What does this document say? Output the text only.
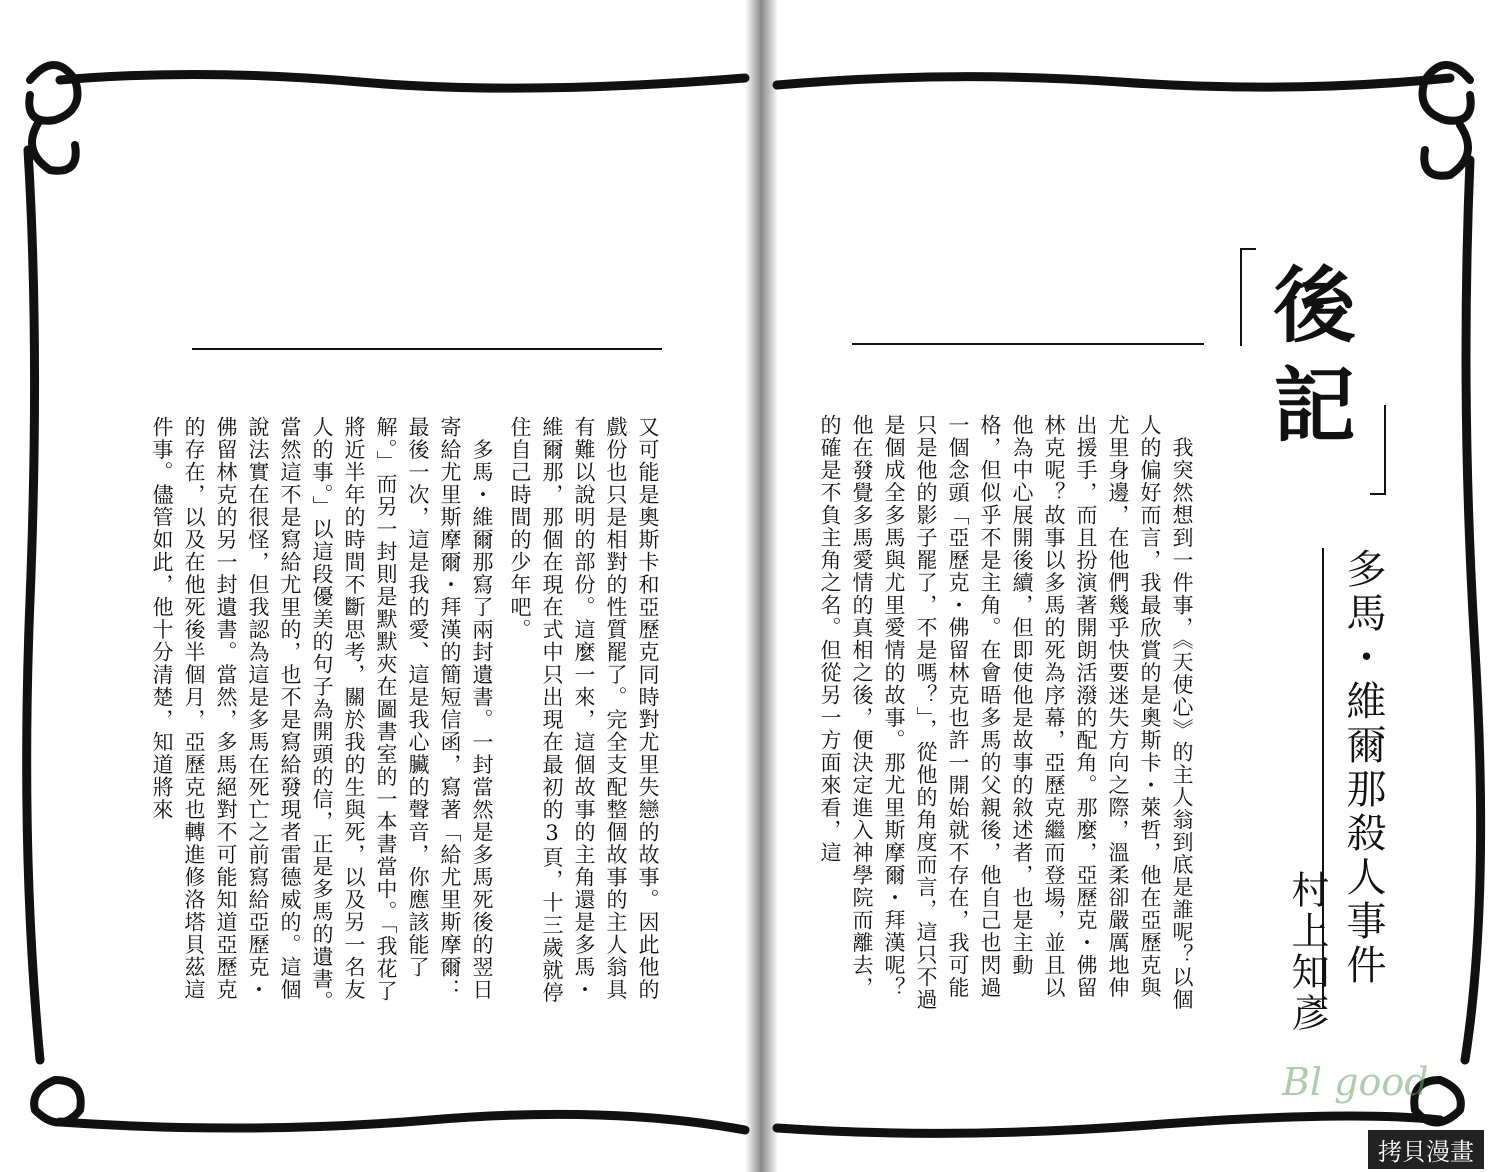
又可能是奧斯卡和亞歷克同時對尤里失戀的故事。因此他的戲份也只是相對的性質罷了。完全支配整個故事的主人翁具有難以說明的部份。這麼一來，這個故事的主角還是多馬・維爾那，那個在現在式中只出現在最初的3頁，十三歲就停住自己時間的少年吧。
　多馬・維爾那寫了兩封遺書。一封當然是多馬死後的翌日寄給尤里斯摩爾・拜漢的簡短信函，寫著「給尤里斯摩爾：最後一次，這是我的愛、這是我心臟的聲音，你應該能了解。」而另一封則是默默夾在圖書室的一本書當中。「我花了將近半年的時間不斷思考，關於我的生與死，以及另一名友人的事。」以這段優美的句子為開頭的信，正是多馬的遺書。當然這不是寫給尤里的，也不是寫給發現者雷德威的。這個說法實在很怪，但我認為這是多馬在死亡之前寫給亞歷克・佛留林克的另一封遺書。當然，多馬絕對不可能知道亞歷克的存在，以及在他死後半個月，亞歷克也轉進修洛塔貝茲這件事。儘管如此，他十分清楚，知道將來	　我突然想到一件事，《天使心》的主人翁到底是誰呢？以個人的偏好而言，我最欣賞的是奧斯卡・萊哲，他在亞歷克與尤里身邊，在他們幾乎快要迷失方向之際，溫柔卻嚴厲地伸出援手，而且扮演著開朗活潑的配角。那麼，亞歷克・佛留林克呢？故事以多馬的死為序幕，亞歷克繼而登場，並且以他為中心展開後續，但即使他是故事的敘述者，也是主動格，但似乎不是主角。在會晤多馬的父親後，他自己也閃過一個念頭「亞歷克・佛留林克也許一開始就不存在，我可能只是他的影子罷了，不是嗎？」，從他的角度而言，這只不過是個成全多馬與尤里愛情的故事。那尤里斯摩爾・拜漢呢？他在發覺多馬愛情的真相之後，便決定進入神學院而離去，的確是不負主角之名。但從另一方面來看，這
後記
多馬・維爾那殺人事件
村上知彥
Bl good
拷貝漫畫
